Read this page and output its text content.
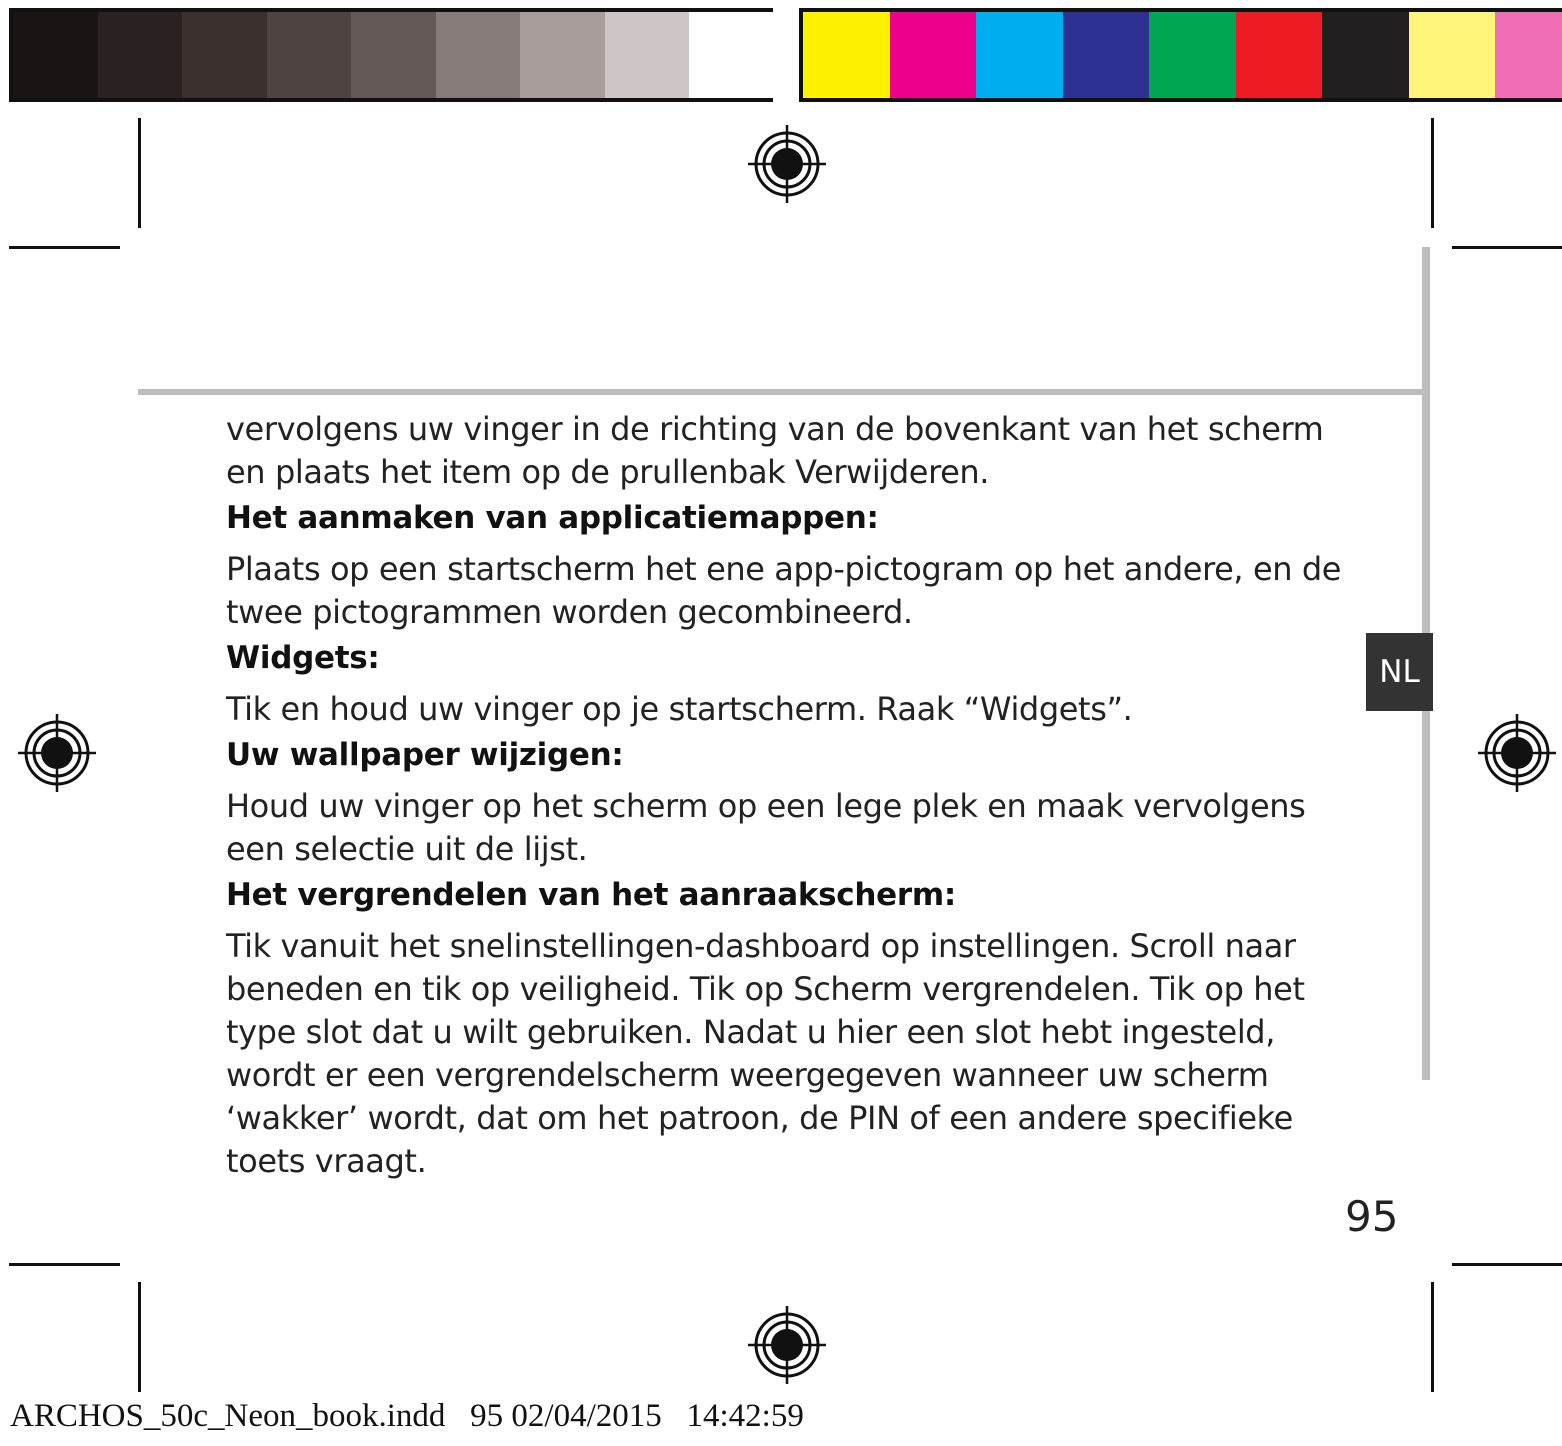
NL

vervolgens uw vinger in de richting van de bovenkant van het scherm en plaats het item op de prullenbak Verwijderen.

Het aanmaken van applicatiemappen:

Plaats op een startscherm het ene app-pictogram op het andere, en de twee pictogrammen worden gecombineerd.

Widgets:

Tik en houd uw vinger op je startscherm. Raak “Widgets”.

Uw wallpaper wijzigen:

Houd uw vinger op het scherm op een lege plek en maak vervolgens een selectie uit de lijst.

Het vergrendelen van het aanraakscherm:

Tik vanuit het snelinstellingen-dashboard op instellingen. Scroll naar beneden en tik op veiligheid. Tik op Scherm vergrendelen. Tik op het type slot dat u wilt gebruiken. Nadat u hier een slot hebt ingesteld, wordt er een vergrendelscherm weergegeven wanneer uw scherm ‘wakker’ wordt, dat om het patroon, de PIN of een andere specifieke toets vraagt.

95
ARCHOS_50c_Neon_book.indd   95 02/04/2015   14:42:59
